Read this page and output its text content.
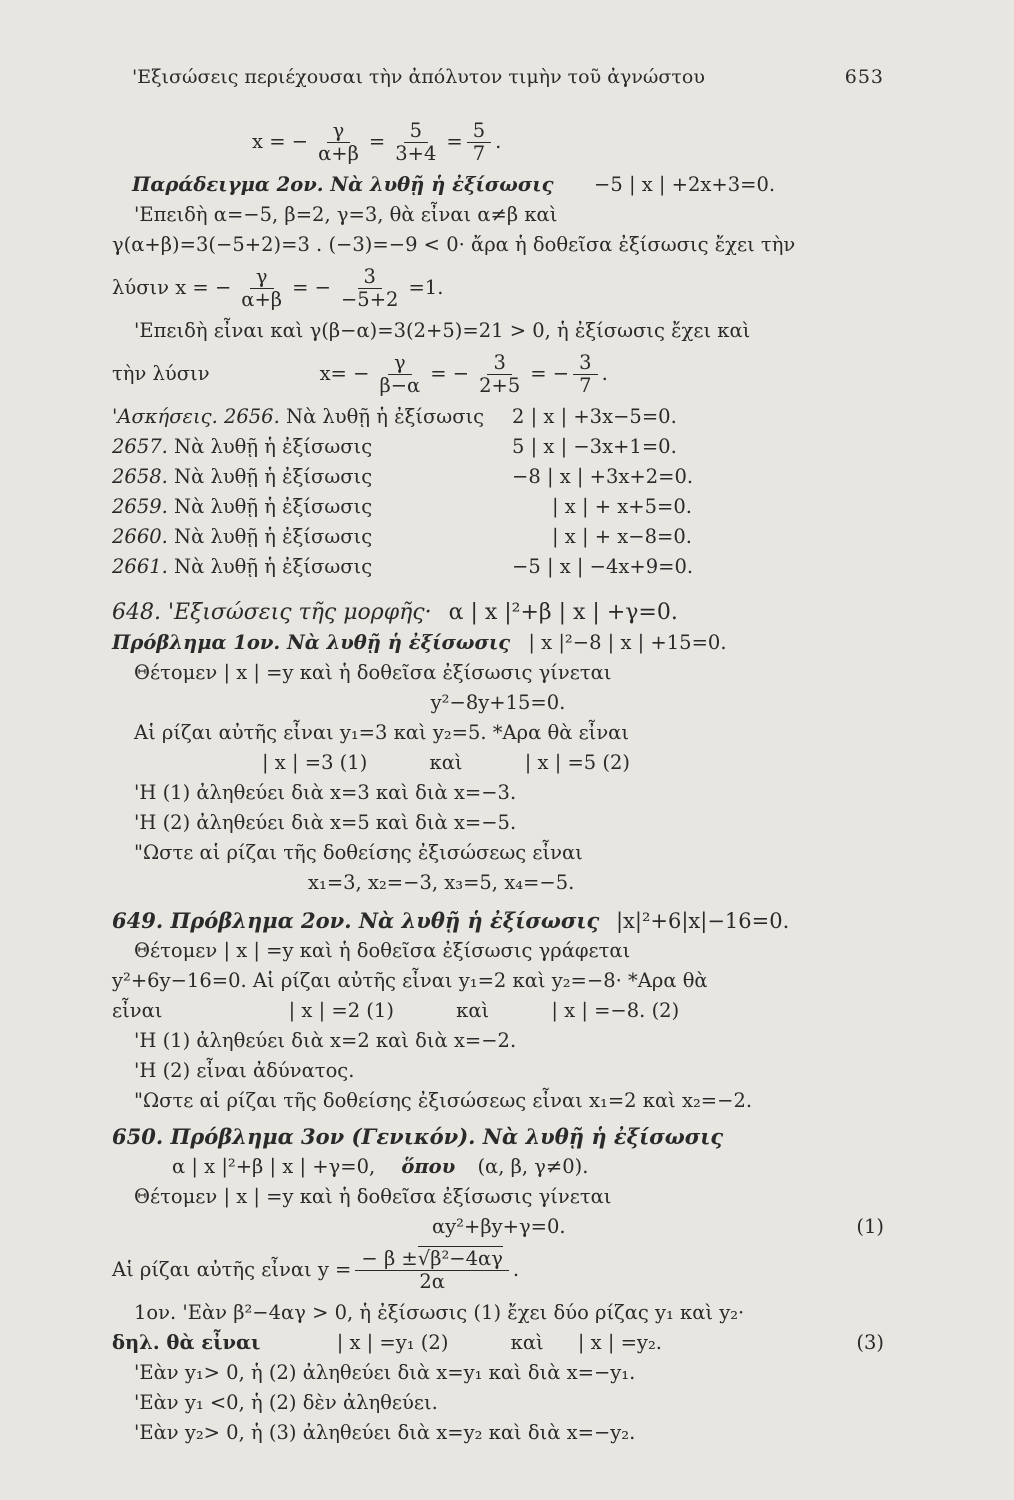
'Εξισώσεις περιέχουσαι τὴν ἀπόλυτον τιμὴν τοῦ ἀγνώστου	653
x = − $\frac{\gamma}{\alpha+\beta} = \frac{5}{3+4} = \frac{5}{7}$ .
Παράδειγμα 2ον. Νὰ λυθῇ ἡ ἐξίσωσις −5 | x | +2x+3=0.
'Επειδὴ α=−5, β=2, γ=3, θὰ εἶναι α≠β καὶ
γ(α+β)=3(−5+2)=3 . (−3)=−9 < 0· ἄρα ἡ δοθεῖσα ἐξίσωσις ἔχει τὴν
λύσιν x = − $\frac{\gamma}{\alpha+\beta}$ = − $\frac{3}{-5+2} =1$.
'Επειδὴ εἶναι καὶ γ(β−α)=3(2+5)=21 > 0, ἡ ἐξίσωσις ἔχει καὶ
τὴν λύσιν	$x= - \frac{\gamma}{\beta-\alpha}$ = − $\frac{3}{2+5}$ = − $\frac{3}{7}$ .
'Ασκήσεις. 2656. Νὰ λυθῇ ἡ ἐξίσωσις	2 | x | +3x−5=0.
2657. Νὰ λυθῇ ἡ ἐξίσωσις	5 | x | −3x+1=0.
2658. Νὰ λυθῇ ἡ ἐξίσωσις	−8 | x | +3x+2=0.
2659. Νὰ λυθῇ ἡ ἐξίσωσις	| x | + x+5=0.
2660. Νὰ λυθῇ ἡ ἐξίσωσις	| x | + x−8=0.
2661. Νὰ λυθῇ ἡ ἐξίσωσις	−5 | x | −4x+9=0.
648. 'Εξισώσεις τῆς μορφῆς· α | x |²+β | x | +γ=0.
Πρόβλημα 1ον. Νὰ λυθῇ ἡ ἐξίσωσις | x |²−8 | x | +15=0.
Θέτομεν | x | =y καὶ ἡ δοθεῖσα ἐξίσωσις γίνεται
y²−8y+15=0.
Αἱ ρίζαι αὐτῆς εἶναι y₁=3 καὶ y₂=5. *Αρα θὰ εἶναι
| x | =3 (1)	καὶ	| x | =5 (2)
'Η (1) ἀληθεύει διὰ x=3 καὶ διὰ x=−3.
'Η (2) ἀληθεύει διὰ x=5 καὶ διὰ x=−5.
"Ωστε αἱ ρίζαι τῆς δοθείσης ἐξισώσεως εἶναι
x₁=3, x₂=−3, x₃=5, x₄=−5.
649. Πρόβλημα 2ον. Νὰ λυθῇ ἡ ἐξίσωσις |x|²+6|x|−16=0.
Θέτομεν | x | =y καὶ ἡ δοθεῖσα ἐξίσωσις γράφεται
y²+6y−16=0. Αἱ ρίζαι αὐτῆς εἶναι y₁=2 καὶ y₂=−8· *Αρα θὰ
εἶναι	| x | =2 (1)	καὶ	| x | =−8. (2)
'Η (1) ἀληθεύει διὰ x=2 καὶ διὰ x=−2.
'Η (2) εἶναι ἀδύνατος.
"Ωστε αἱ ρίζαι τῆς δοθείσης ἐξισώσεως εἶναι x₁=2 καὶ x₂=−2.
650. Πρόβλημα 3ον (Γενικόν). Νὰ λυθῇ ἡ ἐξίσωσις
α | x |²+β | x | +γ=0, ὅπου (α, β, γ≠0).
Θέτομεν | x | =y καὶ ἡ δοθεῖσα ἐξίσωσις γίνεται
αy²+βy+γ=0.	(1)
Αἱ ρίζαι αὐτῆς εἶναι $y = \frac{\text{− β ±√β²−4αγ}}{2\alpha}$ .
1ον. 'Εὰν β²−4αγ > 0, ἡ ἐξίσωσις (1) ἔχει δύο ρίζας y₁ καὶ y₂·
δηλ. θὰ εἶναι	| x | =y₁ (2)	καὶ | x | =y₂.	(3)
'Εὰν y₁> 0, ἡ (2) ἀληθεύει διὰ x=y₁ καὶ διὰ x=−y₁.
'Εὰν y₁ <0, ἡ (2) δὲν ἀληθεύει.
'Εὰν y₂> 0, ἡ (3) ἀληθεύει διὰ x=y₂ καὶ διὰ x=−y₂.
